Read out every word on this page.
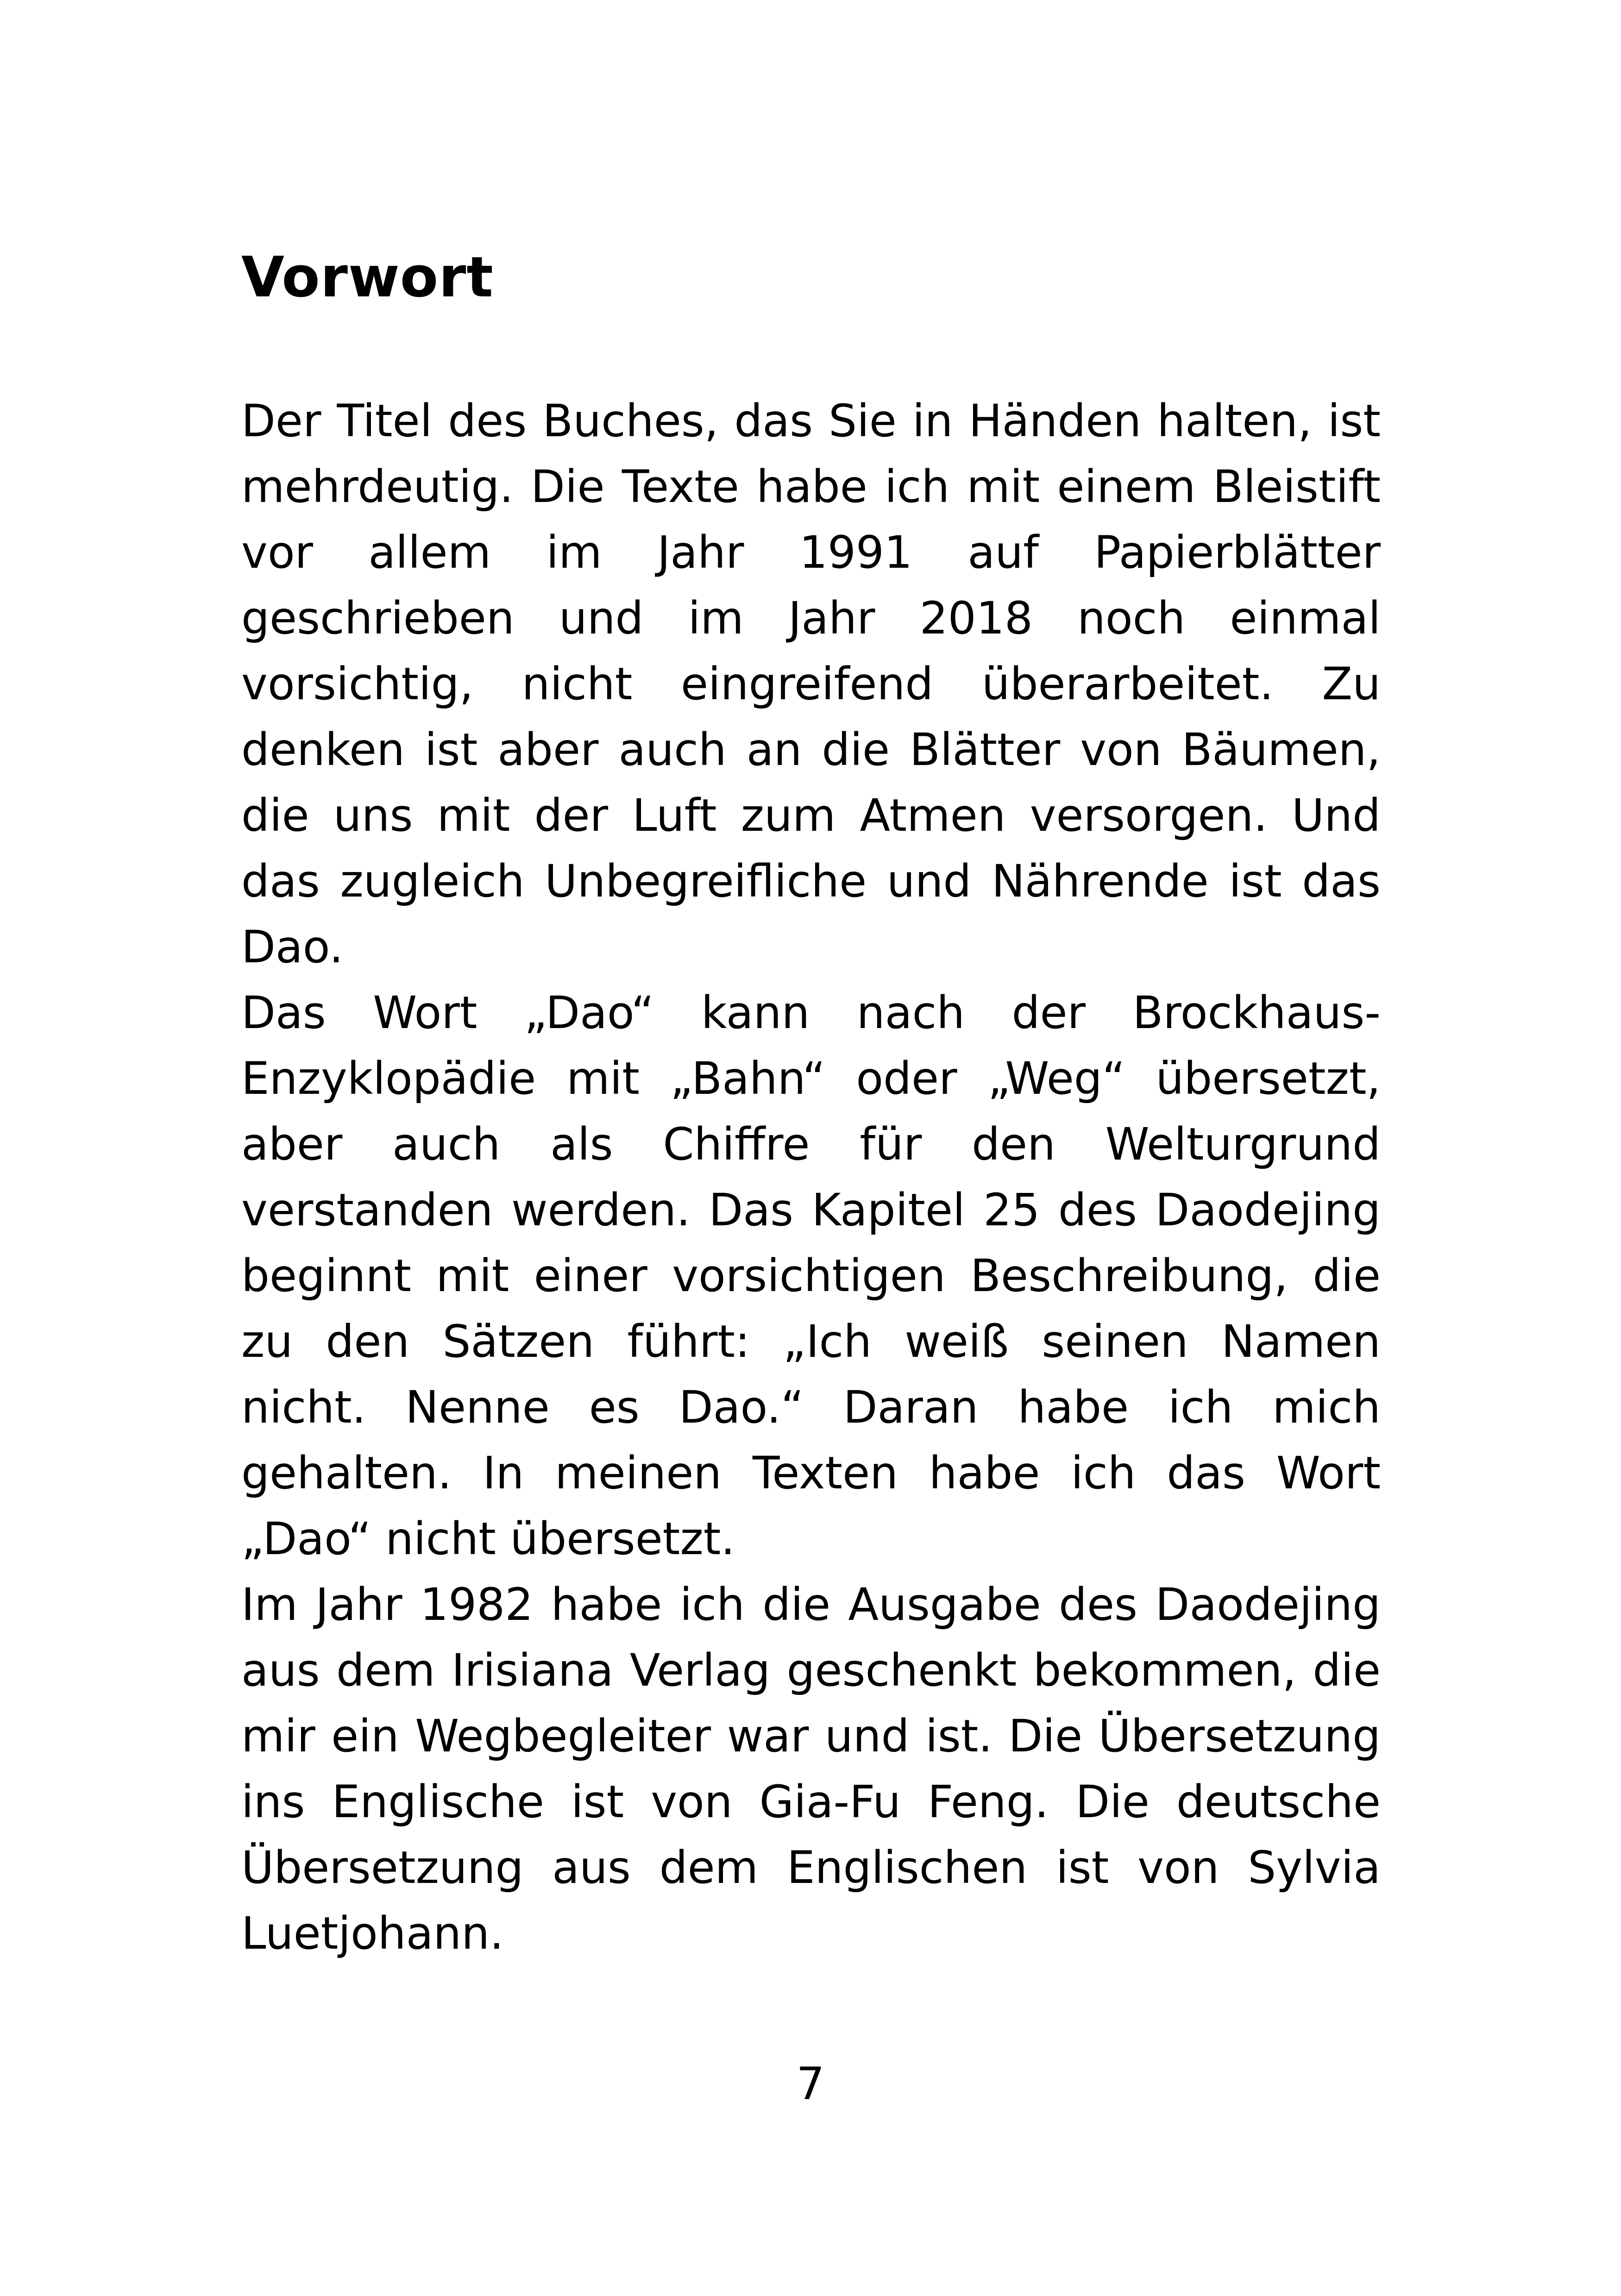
Vorwort

Der Titel des Buches, das Sie in Händen halten, ist mehrdeutig. Die Texte habe ich mit einem Bleistift vor allem im Jahr 1991 auf Papierblätter geschrieben und im Jahr 2018 noch einmal vorsichtig, nicht eingreifend überarbeitet. Zu denken ist aber auch an die Blätter von Bäumen, die uns mit der Luft zum Atmen versorgen. Und das zugleich Unbegreifliche und Nährende ist das Dao.

Das Wort „Dao“ kann nach der Brockhaus-Enzyklopädie mit „Bahn“ oder „Weg“ übersetzt, aber auch als Chiffre für den Welturgrund verstanden werden. Das Kapitel 25 des Daodejing beginnt mit einer vorsichtigen Beschreibung, die zu den Sätzen führt: „Ich weiß seinen Namen nicht. Nenne es Dao.“ Daran habe ich mich gehalten. In meinen Texten habe ich das Wort „Dao“ nicht übersetzt.

Im Jahr 1982 habe ich die Ausgabe des Daodejing aus dem Irisiana Verlag geschenkt bekommen, die mir ein Wegbegleiter war und ist. Die Übersetzung ins Englische ist von Gia-Fu Feng. Die deutsche Übersetzung aus dem Englischen ist von Sylvia Luetjohann.

7
